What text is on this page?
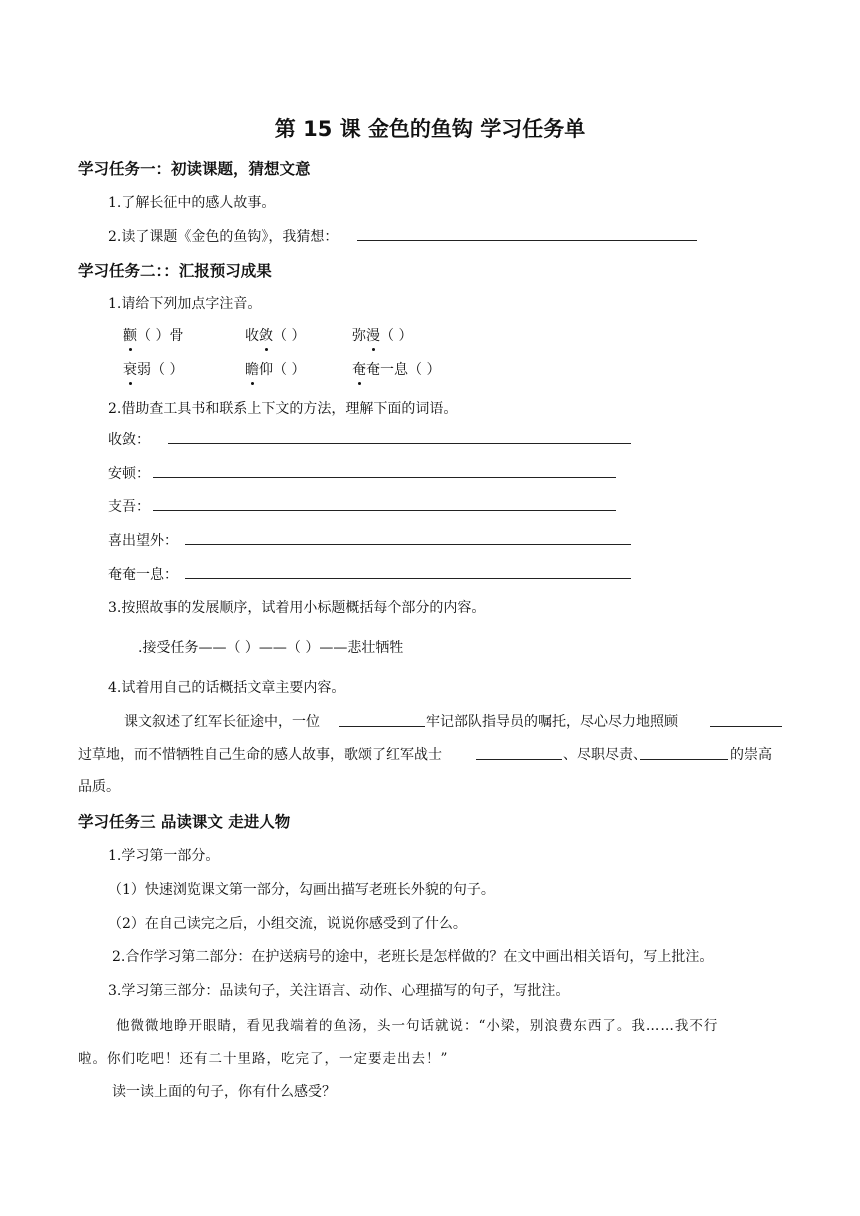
第 15 课 金色的鱼钩 学习任务单
学习任务一：初读课题，猜想文意
1.了解长征中的感人故事。
2.读了课题《金色的鱼钩》，我猜想：
学习任务二：：汇报预习成果
1.请给下列加点字注音。
颧（ ）骨	收敛（ ）	弥漫（ ）
衰弱（ ）	瞻仰（ ）	奄奄一息（ ）
2.借助查工具书和联系上下文的方法，理解下面的词语。
收敛：
安顿：
支吾：
喜出望外：
奄奄一息：
3.按照故事的发展顺序，试着用小标题概括每个部分的内容。
.接受任务——（ ）——（ ）——悲壮牺牲
4.试着用自己的话概括文章主要内容。
课文叙述了红军长征途中，一位	牢记部队指导员的嘱托，尽心尽力地照顾
过草地，而不惜牺牲自己生命的感人故事，歌颂了红军战士	、尽职尽责、	的崇高
品质。
学习任务三 品读课文 走进人物
1.学习第一部分。
（1）快速浏览课文第一部分，勾画出描写老班长外貌的句子。
（2）在自己读完之后，小组交流，说说你感受到了什么。
2.合作学习第二部分：在护送病号的途中，老班长是怎样做的？在文中画出相关语句，写上批注。
3.学习第三部分：品读句子，关注语言、动作、心理描写的句子，写批注。
他微微地睁开眼睛，看见我端着的鱼汤，头一句话就说：“小梁，别浪费东西了。我……我不行
啦。你们吃吧！还有二十里路，吃完了，一定要走出去！”
读一读上面的句子，你有什么感受？
